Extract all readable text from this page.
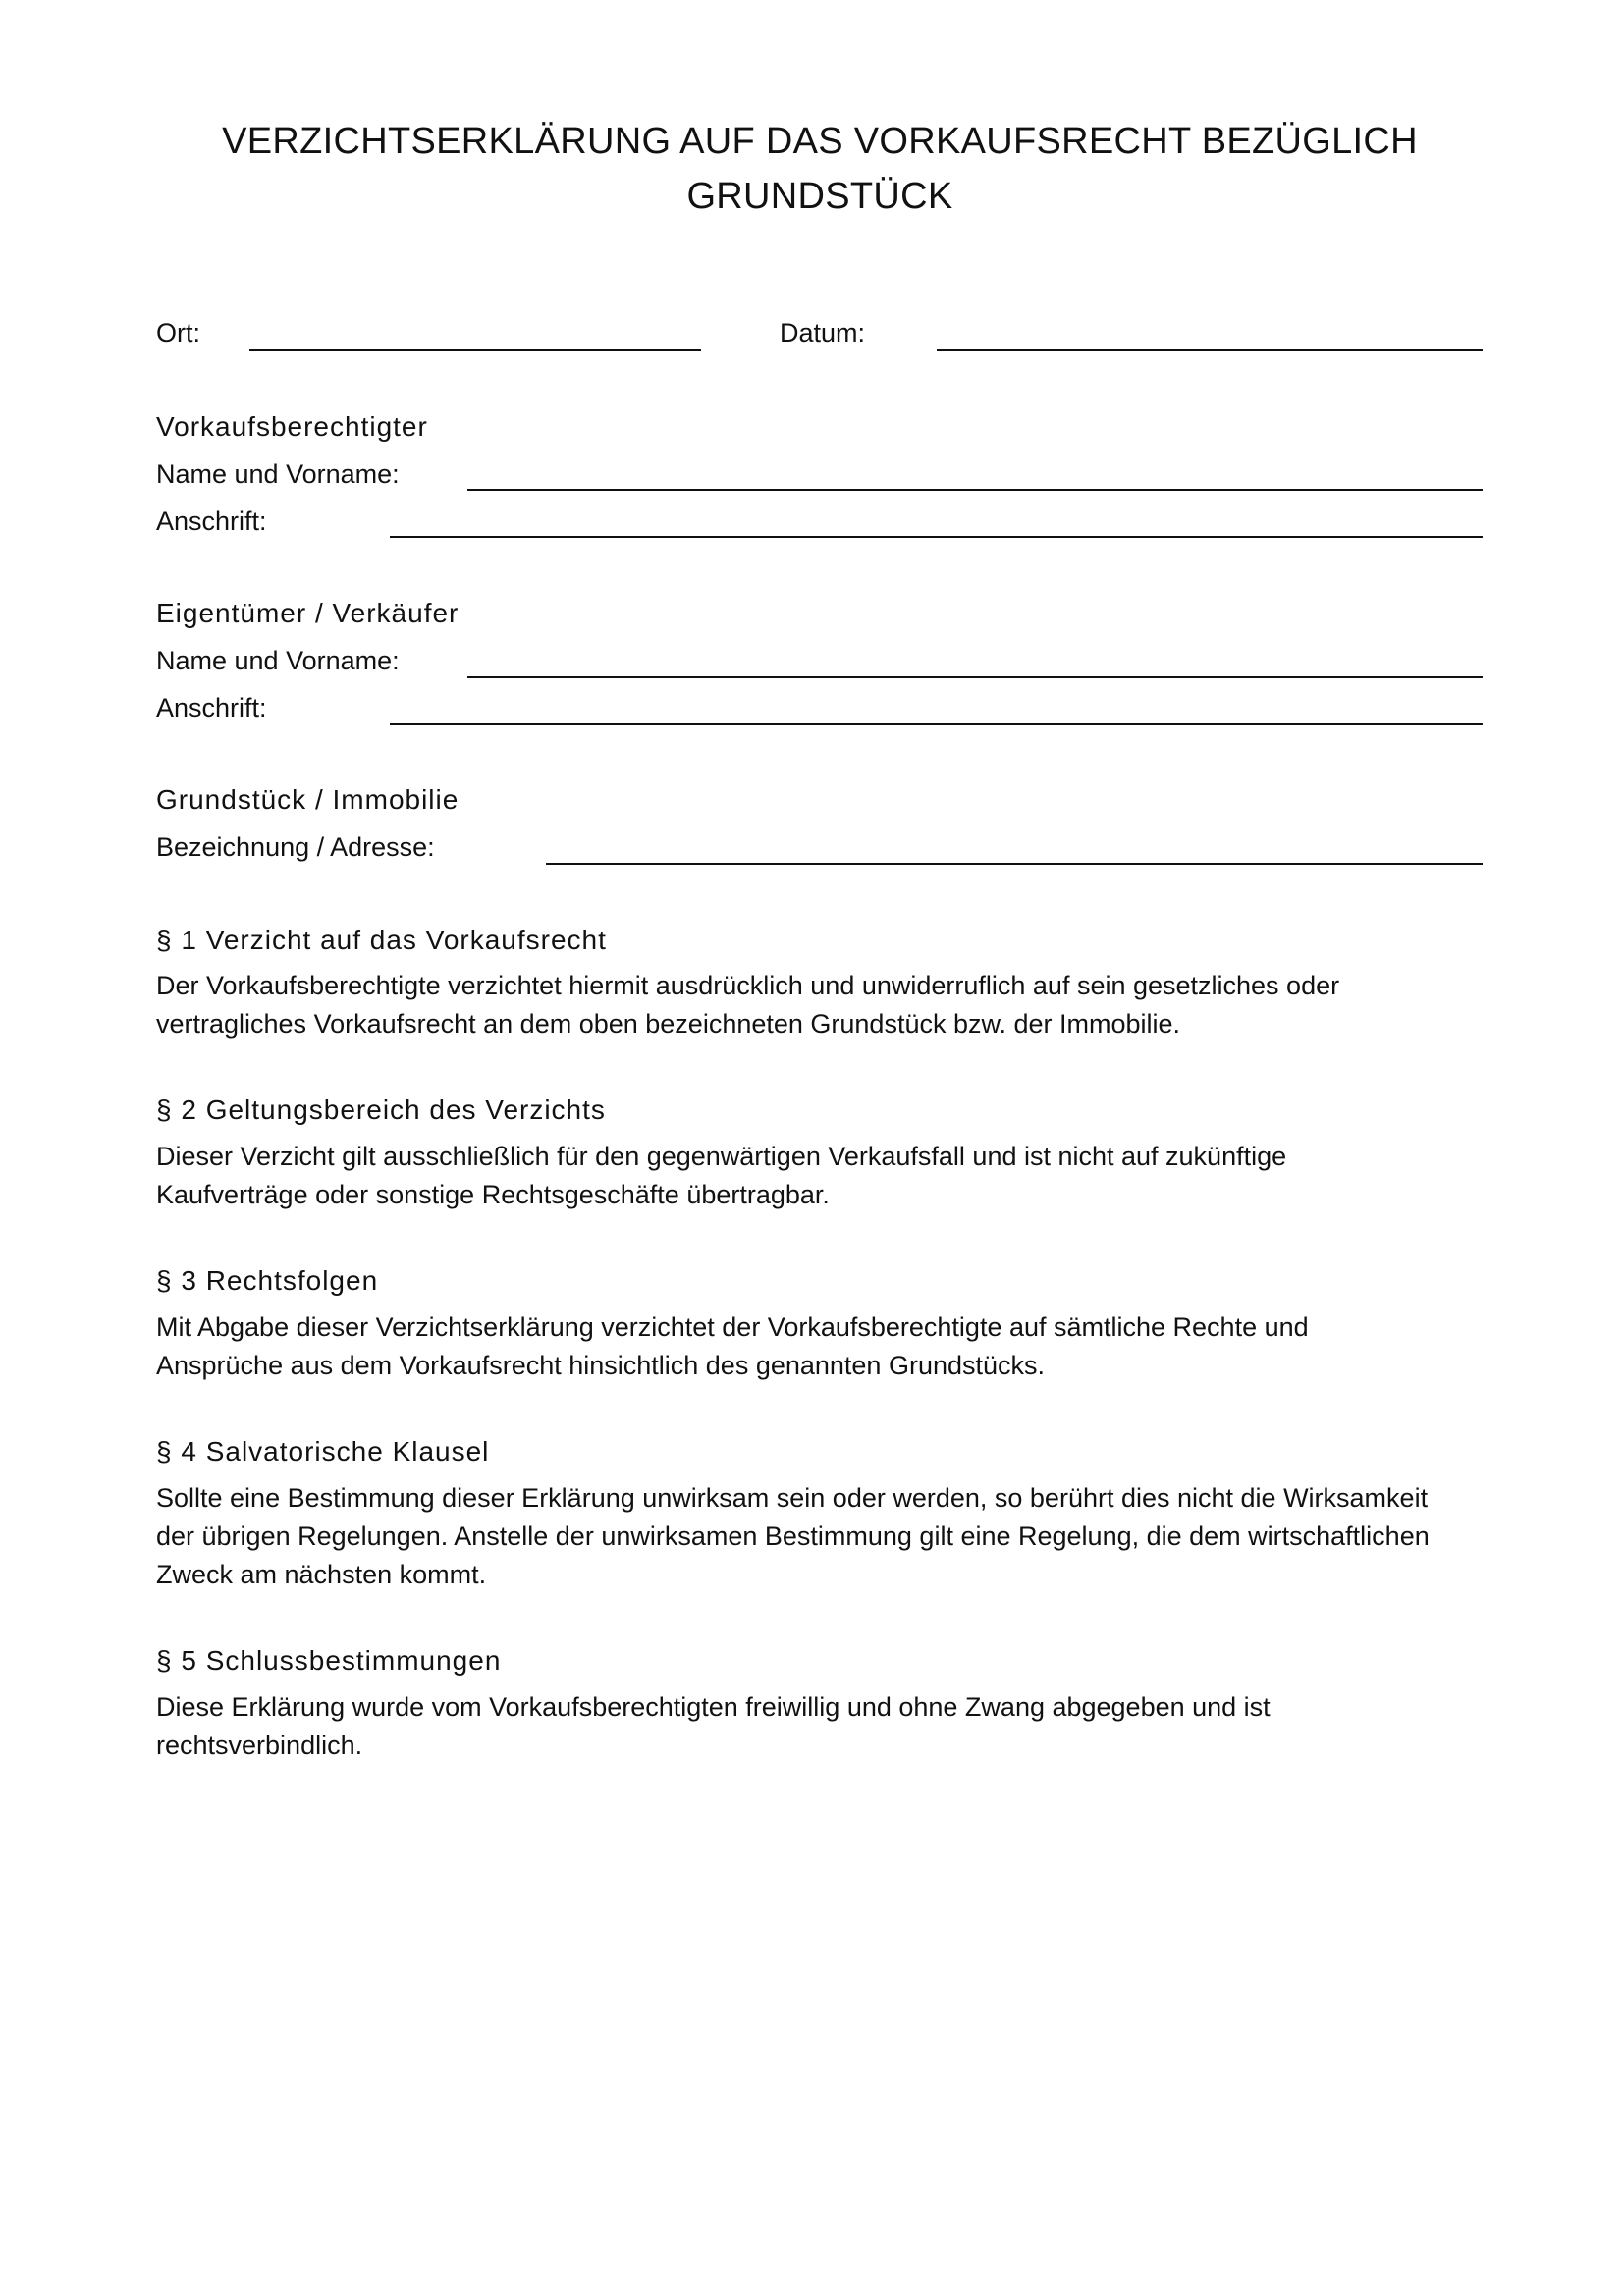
VERZICHTSERKLÄRUNG AUF DAS VORKAUFSRECHT BEZÜGLICH
GRUNDSTÜCK
Ort:	Datum:
Vorkaufsberechtigter
Name und Vorname:
Anschrift:
Eigentümer / Verkäufer
Name und Vorname:
Anschrift:
Grundstück / Immobilie
Bezeichnung / Adresse:
§ 1 Verzicht auf das Vorkaufsrecht
Der Vorkaufsberechtigte verzichtet hiermit ausdrücklich und unwiderruflich auf sein gesetzliches oder
vertragliches Vorkaufsrecht an dem oben bezeichneten Grundstück bzw. der Immobilie.
§ 2 Geltungsbereich des Verzichts
Dieser Verzicht gilt ausschließlich für den gegenwärtigen Verkaufsfall und ist nicht auf zukünftige
Kaufverträge oder sonstige Rechtsgeschäfte übertragbar.
§ 3 Rechtsfolgen
Mit Abgabe dieser Verzichtserklärung verzichtet der Vorkaufsberechtigte auf sämtliche Rechte und
Ansprüche aus dem Vorkaufsrecht hinsichtlich des genannten Grundstücks.
§ 4 Salvatorische Klausel
Sollte eine Bestimmung dieser Erklärung unwirksam sein oder werden, so berührt dies nicht die Wirksamkeit
der übrigen Regelungen. Anstelle der unwirksamen Bestimmung gilt eine Regelung, die dem wirtschaftlichen
Zweck am nächsten kommt.
§ 5 Schlussbestimmungen
Diese Erklärung wurde vom Vorkaufsberechtigten freiwillig und ohne Zwang abgegeben und ist
rechtsverbindlich.
